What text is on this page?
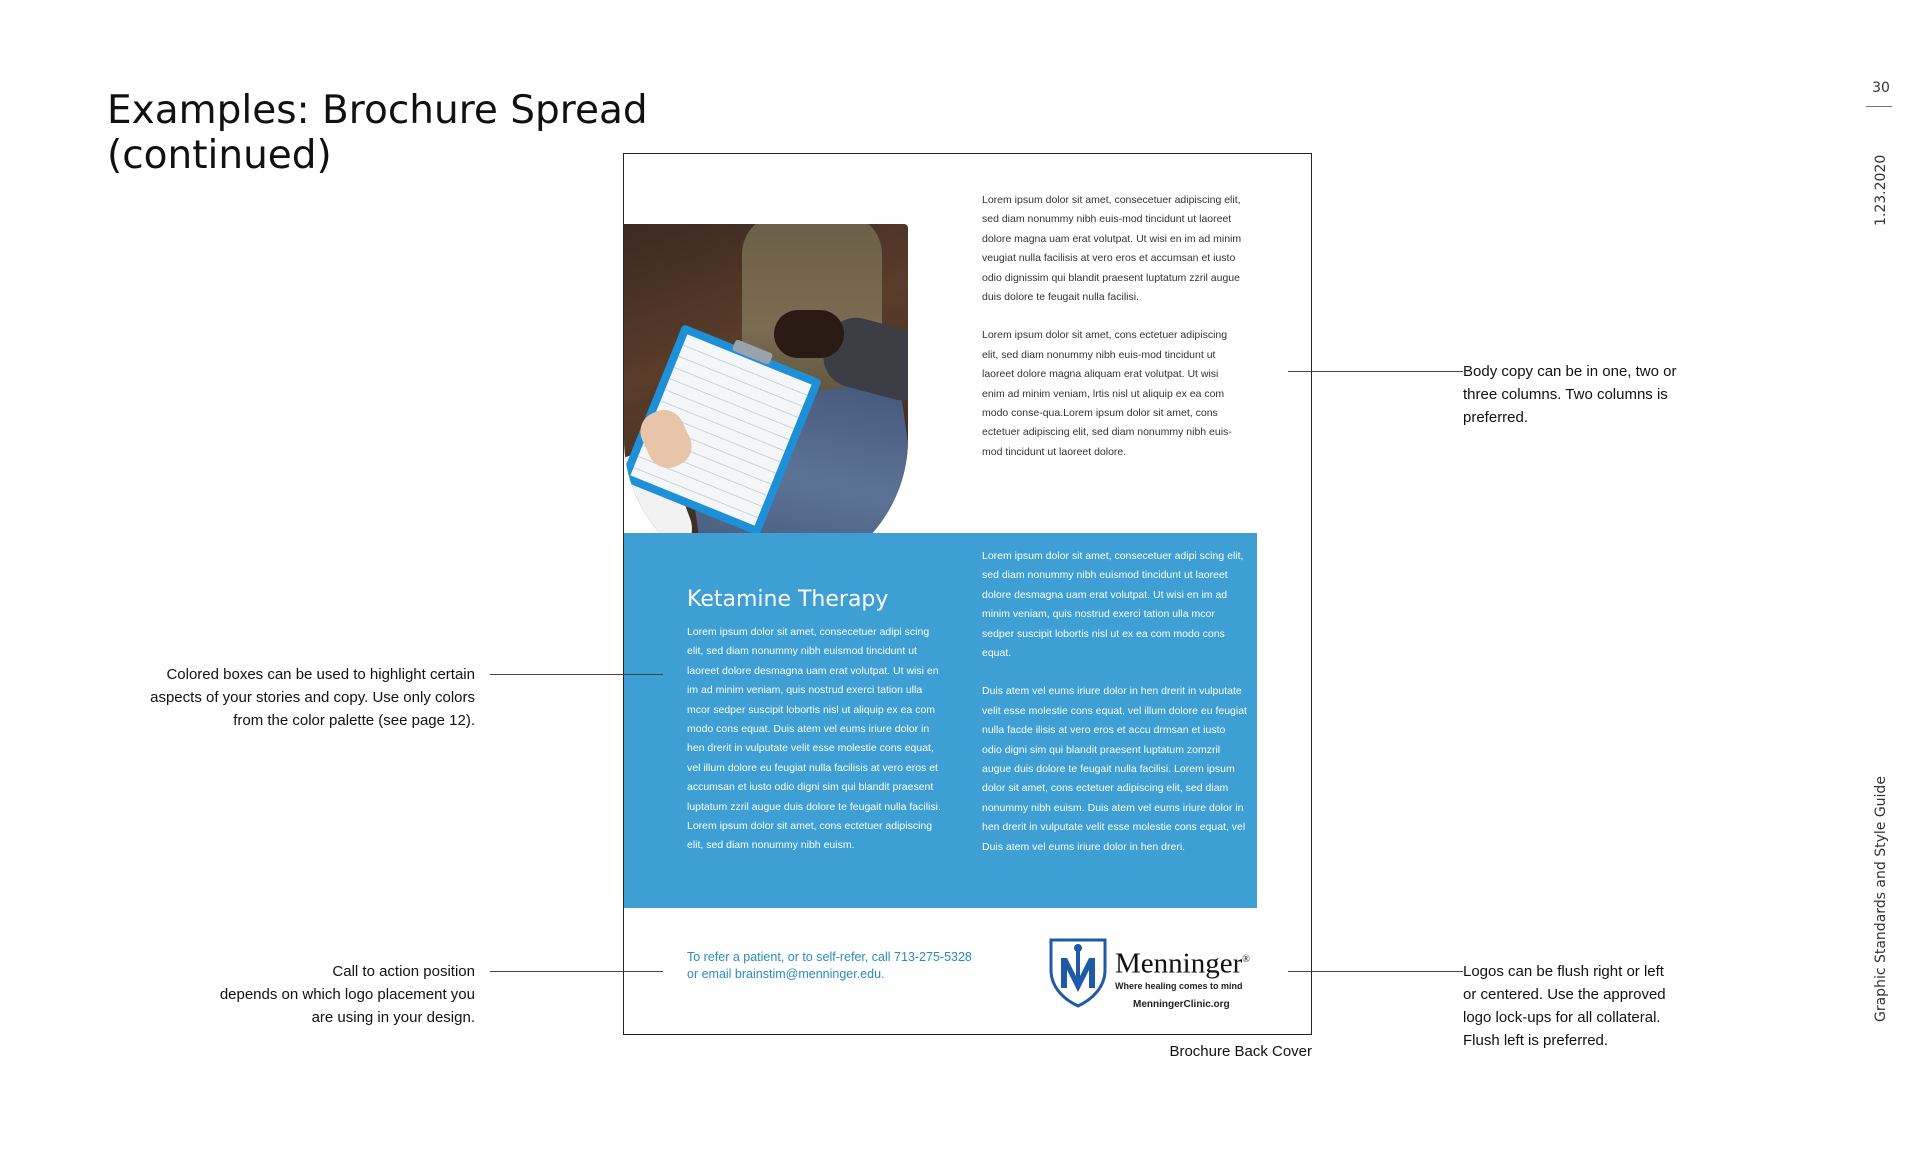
Examples: Brochure Spread
(continued)
30
1.23.2020
Graphic Standards and Style Guide

Lorem ipsum dolor sit amet, consecetuer adipiscing elit, sed diam nonummy nibh euis-mod tincidunt ut laoreet dolore magna uam erat volutpat. Ut wisi en im ad minim veugiat nulla facilisis at vero eros et accumsan et iusto odio dignissim qui blandit praesent luptatum zzril augue duis dolore te feugait nulla facilisi.

Lorem ipsum dolor sit amet, cons ectetuer adipiscing elit, sed diam nonummy nibh euis-mod tincidunt ut laoreet dolore magna aliquam erat volutpat. Ut wisi enim ad minim veniam, lrtis nisl ut aliquip ex ea com modo conse-qua.Lorem ipsum dolor sit amet, cons ectetuer adipiscing elit, sed diam nonummy nibh euis-mod tincidunt ut laoreet dolore.

Ketamine Therapy

Lorem ipsum dolor sit amet, consecetuer adipi scing elit, sed diam nonummy nibh euismod tincidunt ut laoreet dolore desmagna uam erat volutpat. Ut wisi en im ad minim veniam, quis nostrud exerci tation ulla mcor sedper suscipit lobortis nisl ut aliquip ex ea com modo cons equat. Duis atem vel eums iriure dolor in hen drerit in vulputate velit esse molestie cons equat, vel illum dolore eu feugiat nulla facilisis at vero eros et accumsan et iusto odio digni sim qui blandit praesent luptatum zzril augue duis dolore te feugait nulla facilisi. Lorem ipsum dolor sit amet, cons ectetuer adipiscing elit, sed diam nonummy nibh euism.

Lorem ipsum dolor sit amet, consecetuer adipi scing elit, sed diam nonummy nibh euismod tincidunt ut laoreet dolore desmagna uam erat volutpat. Ut wisi en im ad minim veniam, quis nostrud exerci tation ulla mcor sedper suscipit lobortis nisl ut ex ea com modo cons equat.

Duis atem vel eums iriure dolor in hen drerit in vulputate velit esse molestie cons equat, vel illum dolore eu feugiat nulla facde ilisis at vero eros et accu drmsan et iusto odio digni sim qui blandit praesent luptatum zomzril augue duis dolore te feugait nulla facilisi. Lorem ipsum dolor sit amet, cons ectetuer adipiscing elit, sed diam nonummy nibh euism. Duis atem vel eums iriure dolor in hen drerit in vulputate velit esse molestie cons equat, vel Duis atem vel eums iriure dolor in hen dreri.

To refer a patient, or to self-refer, call 713-275-5328
or email brainstim@menninger.edu.	Menninger®
Where healing comes to mind
MenningerClinic.org
Brochure Back Cover

Body copy can be in one, two or

three columns. Two columns is

preferred.

Colored boxes can be used to highlight certain

aspects of your stories and copy. Use only colors

from the color palette (see page 12).

Call to action position

depends on which logo placement you

are using in your design.

Logos can be flush right or left

or centered. Use the approved

logo lock-ups for all collateral.

Flush left is preferred.
